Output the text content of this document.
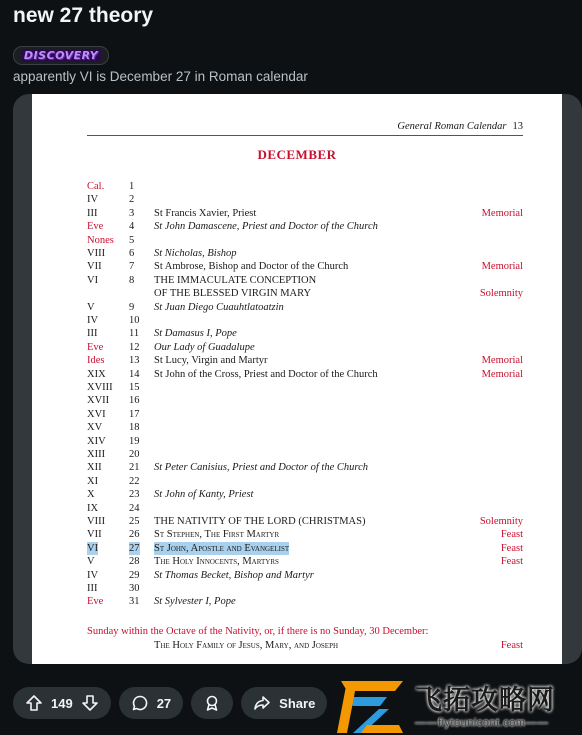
new 27 theory
DISCOVERY
apparently VI is December 27 in Roman calendar
General Roman Calendar 13
DECEMBER
Cal. 1
IV	2
III	3 St Francis Xavier, Priest	Memorial
Eve 4 St John Damascene, Priest and Doctor of the Church
Nones 5
VIII 6 St Nicholas, Bishop
VII	7 St Ambrose, Bishop and Doctor of the Church	Memorial
VI	8 THE IMMACULATE CONCEPTION
OF THE BLESSED VIRGIN MARY	Solemnity
V	9 St Juan Diego Cuauhtlatoatzin
IV	10
III	11 St Damasus I, Pope
Eve 12 Our Lady of Guadalupe
Ides 13 St Lucy, Virgin and Martyr	Memorial
XIX 14 St John of the Cross, Priest and Doctor of the Church	Memorial
XVIII 15
XVII 16
XVI 17
XV	18
XIV 19
XIII 20
XII	21 St Peter Canisius, Priest and Doctor of the Church
XI	22
X	23 St John of Kanty, Priest
IX	24
VIII 25 THE NATIVITY OF THE LORD (CHRISTMAS)	Solemnity
VII	26 St Stephen, The First Martyr	Feast
VI	27 St John, Apostle and Evangelist	Feast
V	28 The Holy Innocents, Martyrs	Feast
IV	29 St Thomas Becket, Bishop and Martyr
III	30
Eve 31 St Sylvester I, Pope
Sunday within the Octave of the Nativity, or, if there is no Sunday, 30 December:
The Holy Family of Jesus, Mary, and Joseph	Feast
149	27	Share	飞拓攻略网
——fiytounicont.com——
